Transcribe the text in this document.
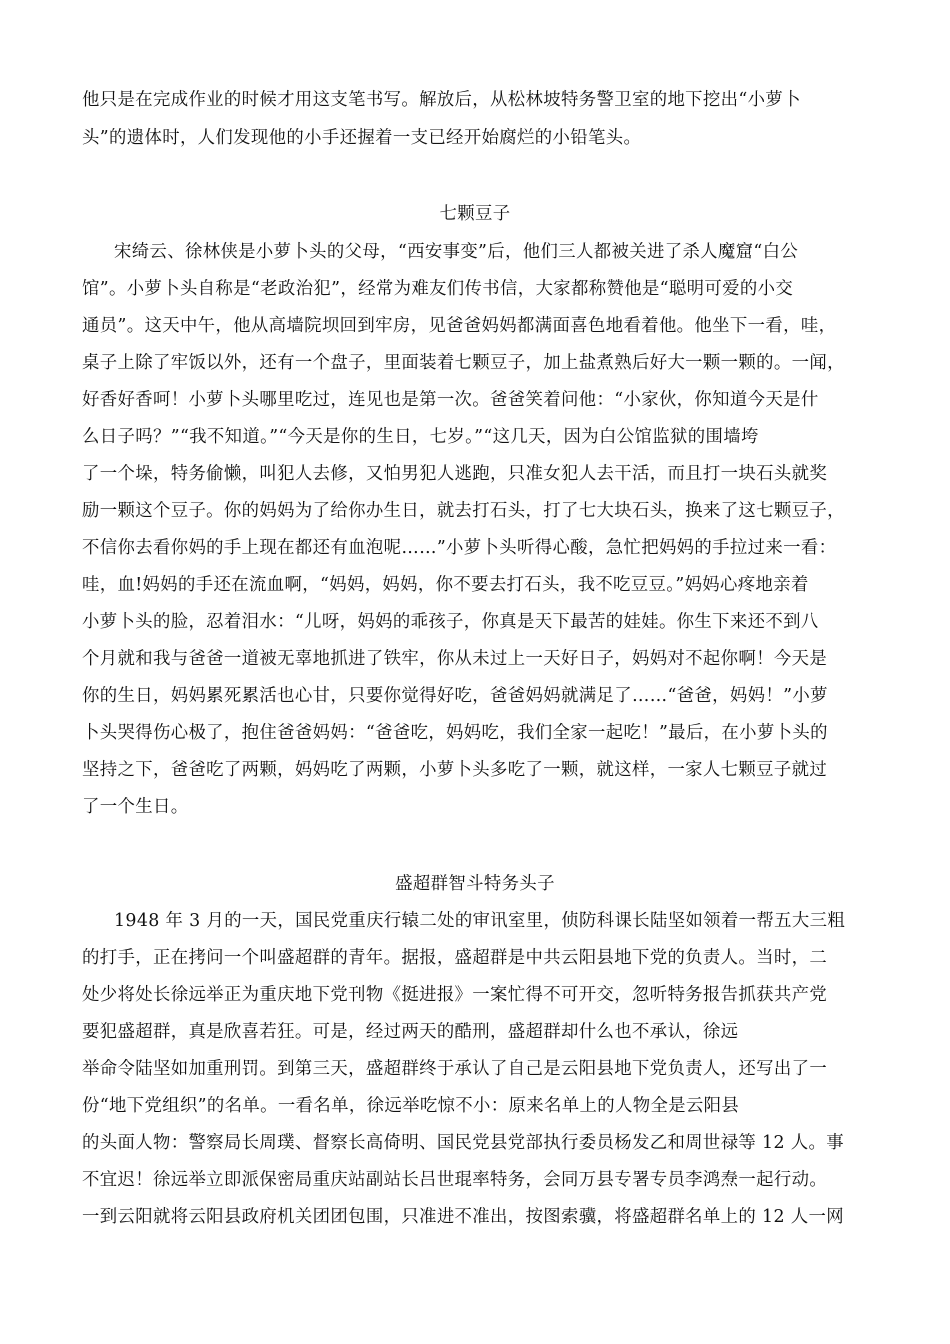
他只是在完成作业的时候才用这支笔书写。解放后，从松林坡特务警卫室的地下挖出“小萝卜
头”的遗体时，人们发现他的小手还握着一支已经开始腐烂的小铅笔头。
七颗豆子
宋绮云、徐林侠是小萝卜头的父母，“西安事变”后，他们三人都被关进了杀人魔窟“白公
馆”。小萝卜头自称是“老政治犯”，经常为难友们传书信，大家都称赞他是“聪明可爱的小交
通员”。这天中午，他从高墙院坝回到牢房，见爸爸妈妈都满面喜色地看着他。他坐下一看，哇，
桌子上除了牢饭以外，还有一个盘子，里面装着七颗豆子，加上盐煮熟后好大一颗一颗的。一闻，
好香好香呵！小萝卜头哪里吃过，连见也是第一次。爸爸笑着问他：“小家伙，你知道今天是什
么日子吗？”“我不知道。”“今天是你的生日，七岁。”“这几天，因为白公馆监狱的围墙垮
了一个垛，特务偷懒，叫犯人去修，又怕男犯人逃跑，只准女犯人去干活，而且打一块石头就奖
励一颗这个豆子。你的妈妈为了给你办生日，就去打石头，打了七大块石头，换来了这七颗豆子，
不信你去看你妈的手上现在都还有血泡呢……”小萝卜头听得心酸，急忙把妈妈的手拉过来一看：
哇，血!妈妈的手还在流血啊，“妈妈，妈妈，你不要去打石头，我不吃豆豆。”妈妈心疼地亲着
小萝卜头的脸，忍着泪水：“儿呀，妈妈的乖孩子，你真是天下最苦的娃娃。你生下来还不到八
个月就和我与爸爸一道被无辜地抓进了铁牢，你从未过上一天好日子，妈妈对不起你啊！今天是
你的生日，妈妈累死累活也心甘，只要你觉得好吃，爸爸妈妈就满足了……“爸爸，妈妈！”小萝
卜头哭得伤心极了，抱住爸爸妈妈：“爸爸吃，妈妈吃，我们全家一起吃！”最后，在小萝卜头的
坚持之下，爸爸吃了两颗，妈妈吃了两颗，小萝卜头多吃了一颗，就这样，一家人七颗豆子就过
了一个生日。
盛超群智斗特务头子
1948 年 3 月的一天，国民党重庆行辕二处的审讯室里，侦防科课长陆坚如领着一帮五大三粗
的打手，正在拷问一个叫盛超群的青年。据报，盛超群是中共云阳县地下党的负责人。当时，二
处少将处长徐远举正为重庆地下党刊物《挺进报》一案忙得不可开交，忽听特务报告抓获共产党
要犯盛超群，真是欣喜若狂。可是，经过两天的酷刑，盛超群却什么也不承认，徐远
举命令陆坚如加重刑罚。到第三天，盛超群终于承认了自己是云阳县地下党负责人，还写出了一
份“地下党组织”的名单。一看名单，徐远举吃惊不小：原来名单上的人物全是云阳县
的头面人物：警察局长周璞、督察长高倚明、国民党县党部执行委员杨发乙和周世禄等 12 人。事
不宜迟！徐远举立即派保密局重庆站副站长吕世琨率特务，会同万县专署专员李鸿焘一起行动。
一到云阳就将云阳县政府机关团团包围，只准进不准出，按图索骥，将盛超群名单上的 12 人一网
